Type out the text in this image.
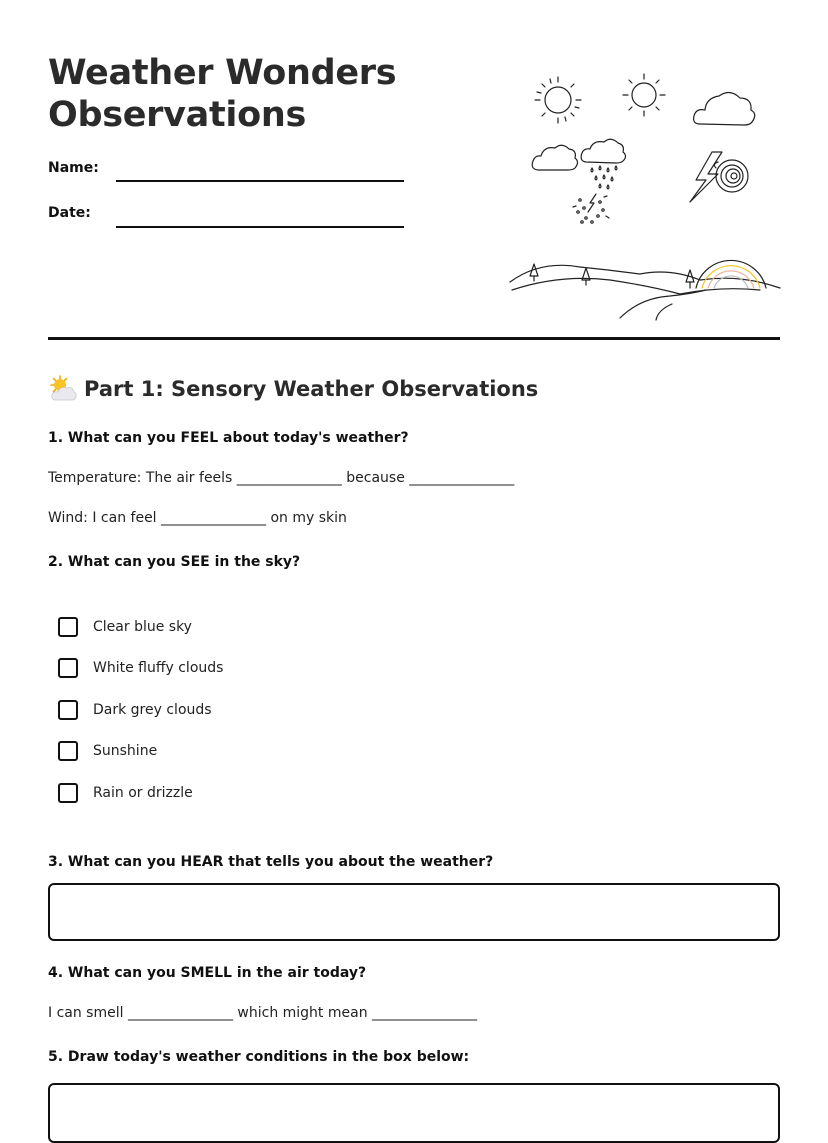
Weather Wonders
Observations
Name:
Date:
Part 1: Sensory Weather Observations

1. What can you FEEL about today's weather?

Temperature: The air feels _______________ because _______________

Wind: I can feel _______________ on my skin

2. What can you SEE in the sky?

Clear blue sky
White fluffy clouds
Dark grey clouds
Sunshine
Rain or drizzle

3. What can you HEAR that tells you about the weather?

4. What can you SMELL in the air today?

I can smell _______________ which might mean _______________

5. Draw today's weather conditions in the box below:
